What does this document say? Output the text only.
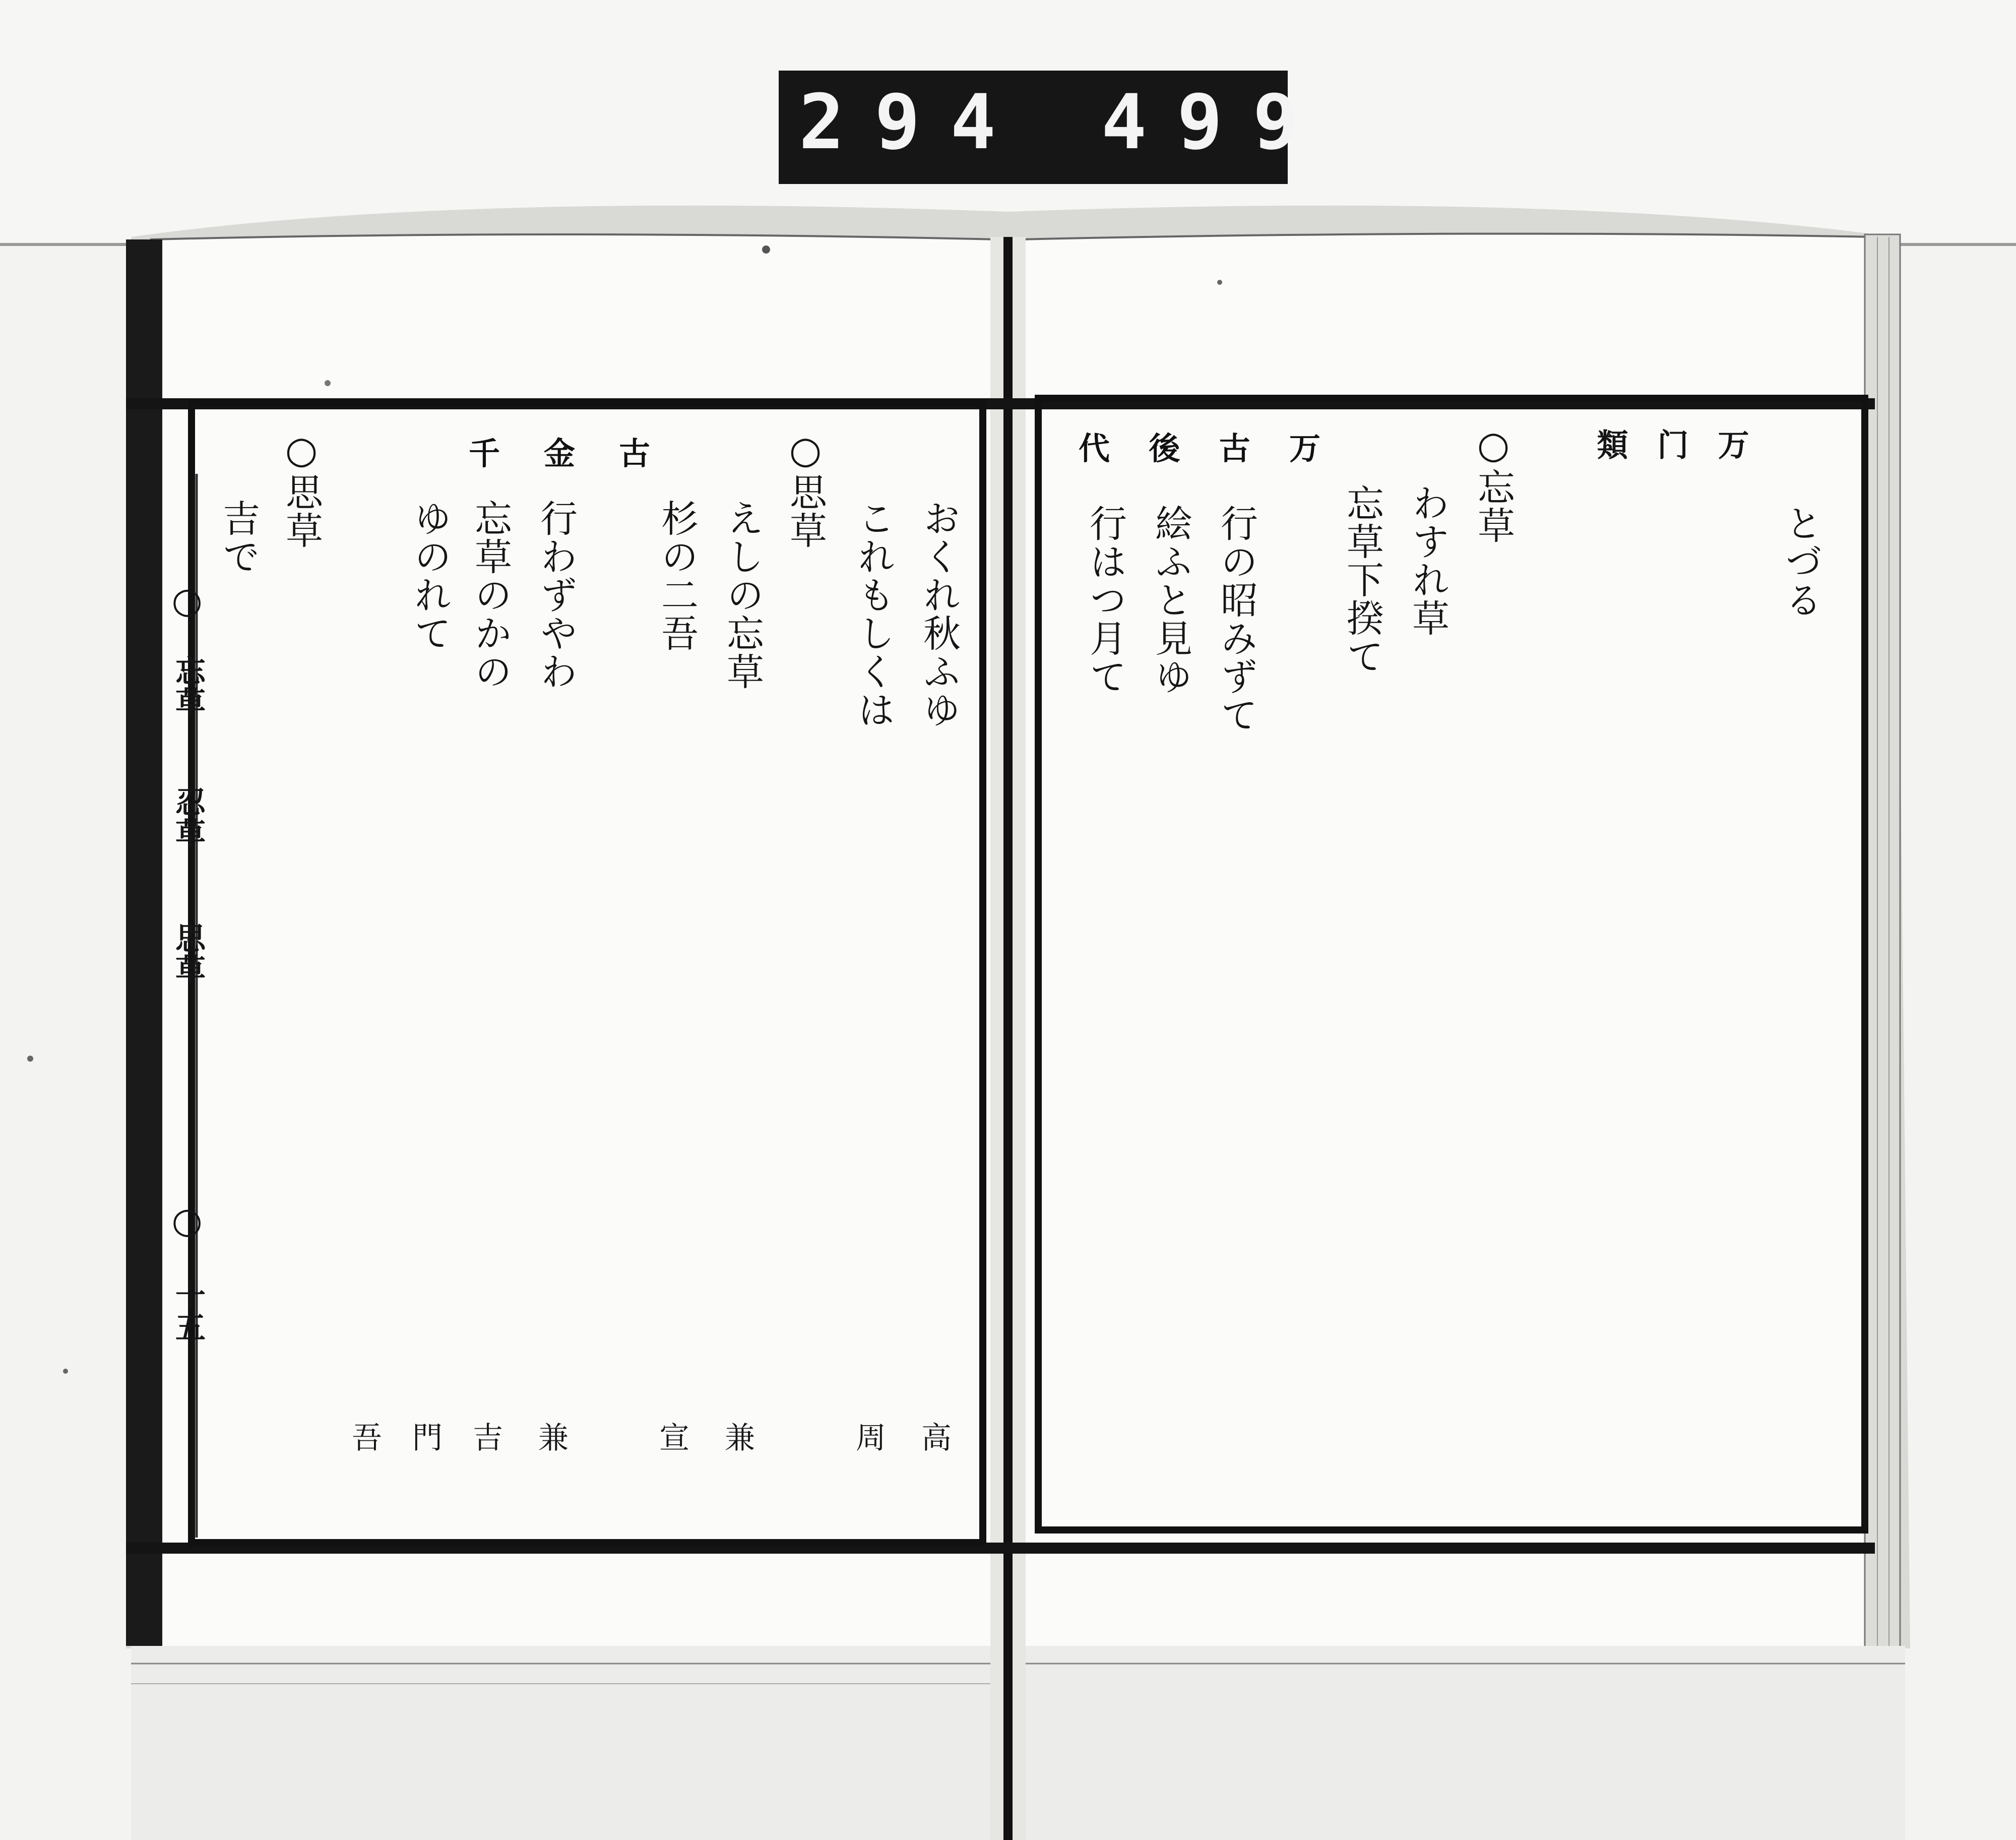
294 499
万
门
類
代 後 古 万	○忘草
とづる
わすれ草
忘草下揆て
行の昭みずて
絵ふと見ゆ
行はつ月て
千 金 古	○思草
○思草
おくれ秋ふゆ
これもしくは
えしの忘草
杉の二吾
行わずやわ
忘草のかの
ゆのれて
吉で
高
周
兼
宣
兼
吉
門
吾
○
忘草
忍草
思草
○
十五
